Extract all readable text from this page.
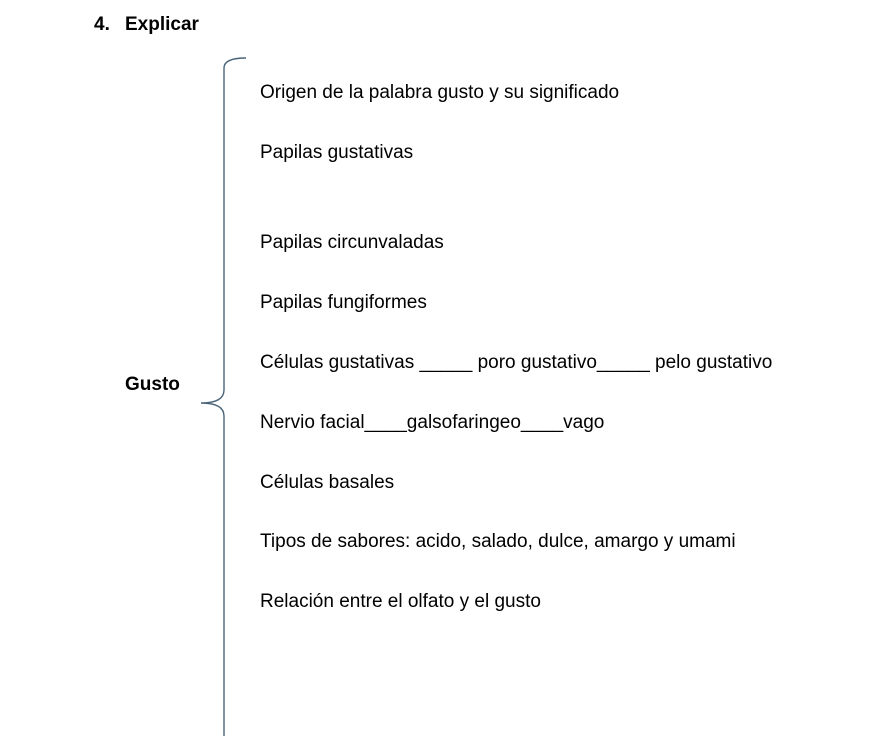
4. Explicar
Gusto
Origen de la palabra gusto y su significado
Papilas gustativas
Papilas circunvaladas
Papilas fungiformes
Células gustativas _____ poro gustativo_____ pelo gustativo
Nervio facial____galsofaringeo____vago
Células basales
Tipos de sabores: acido, salado, dulce, amargo y umami
Relación entre el olfato y el gusto
